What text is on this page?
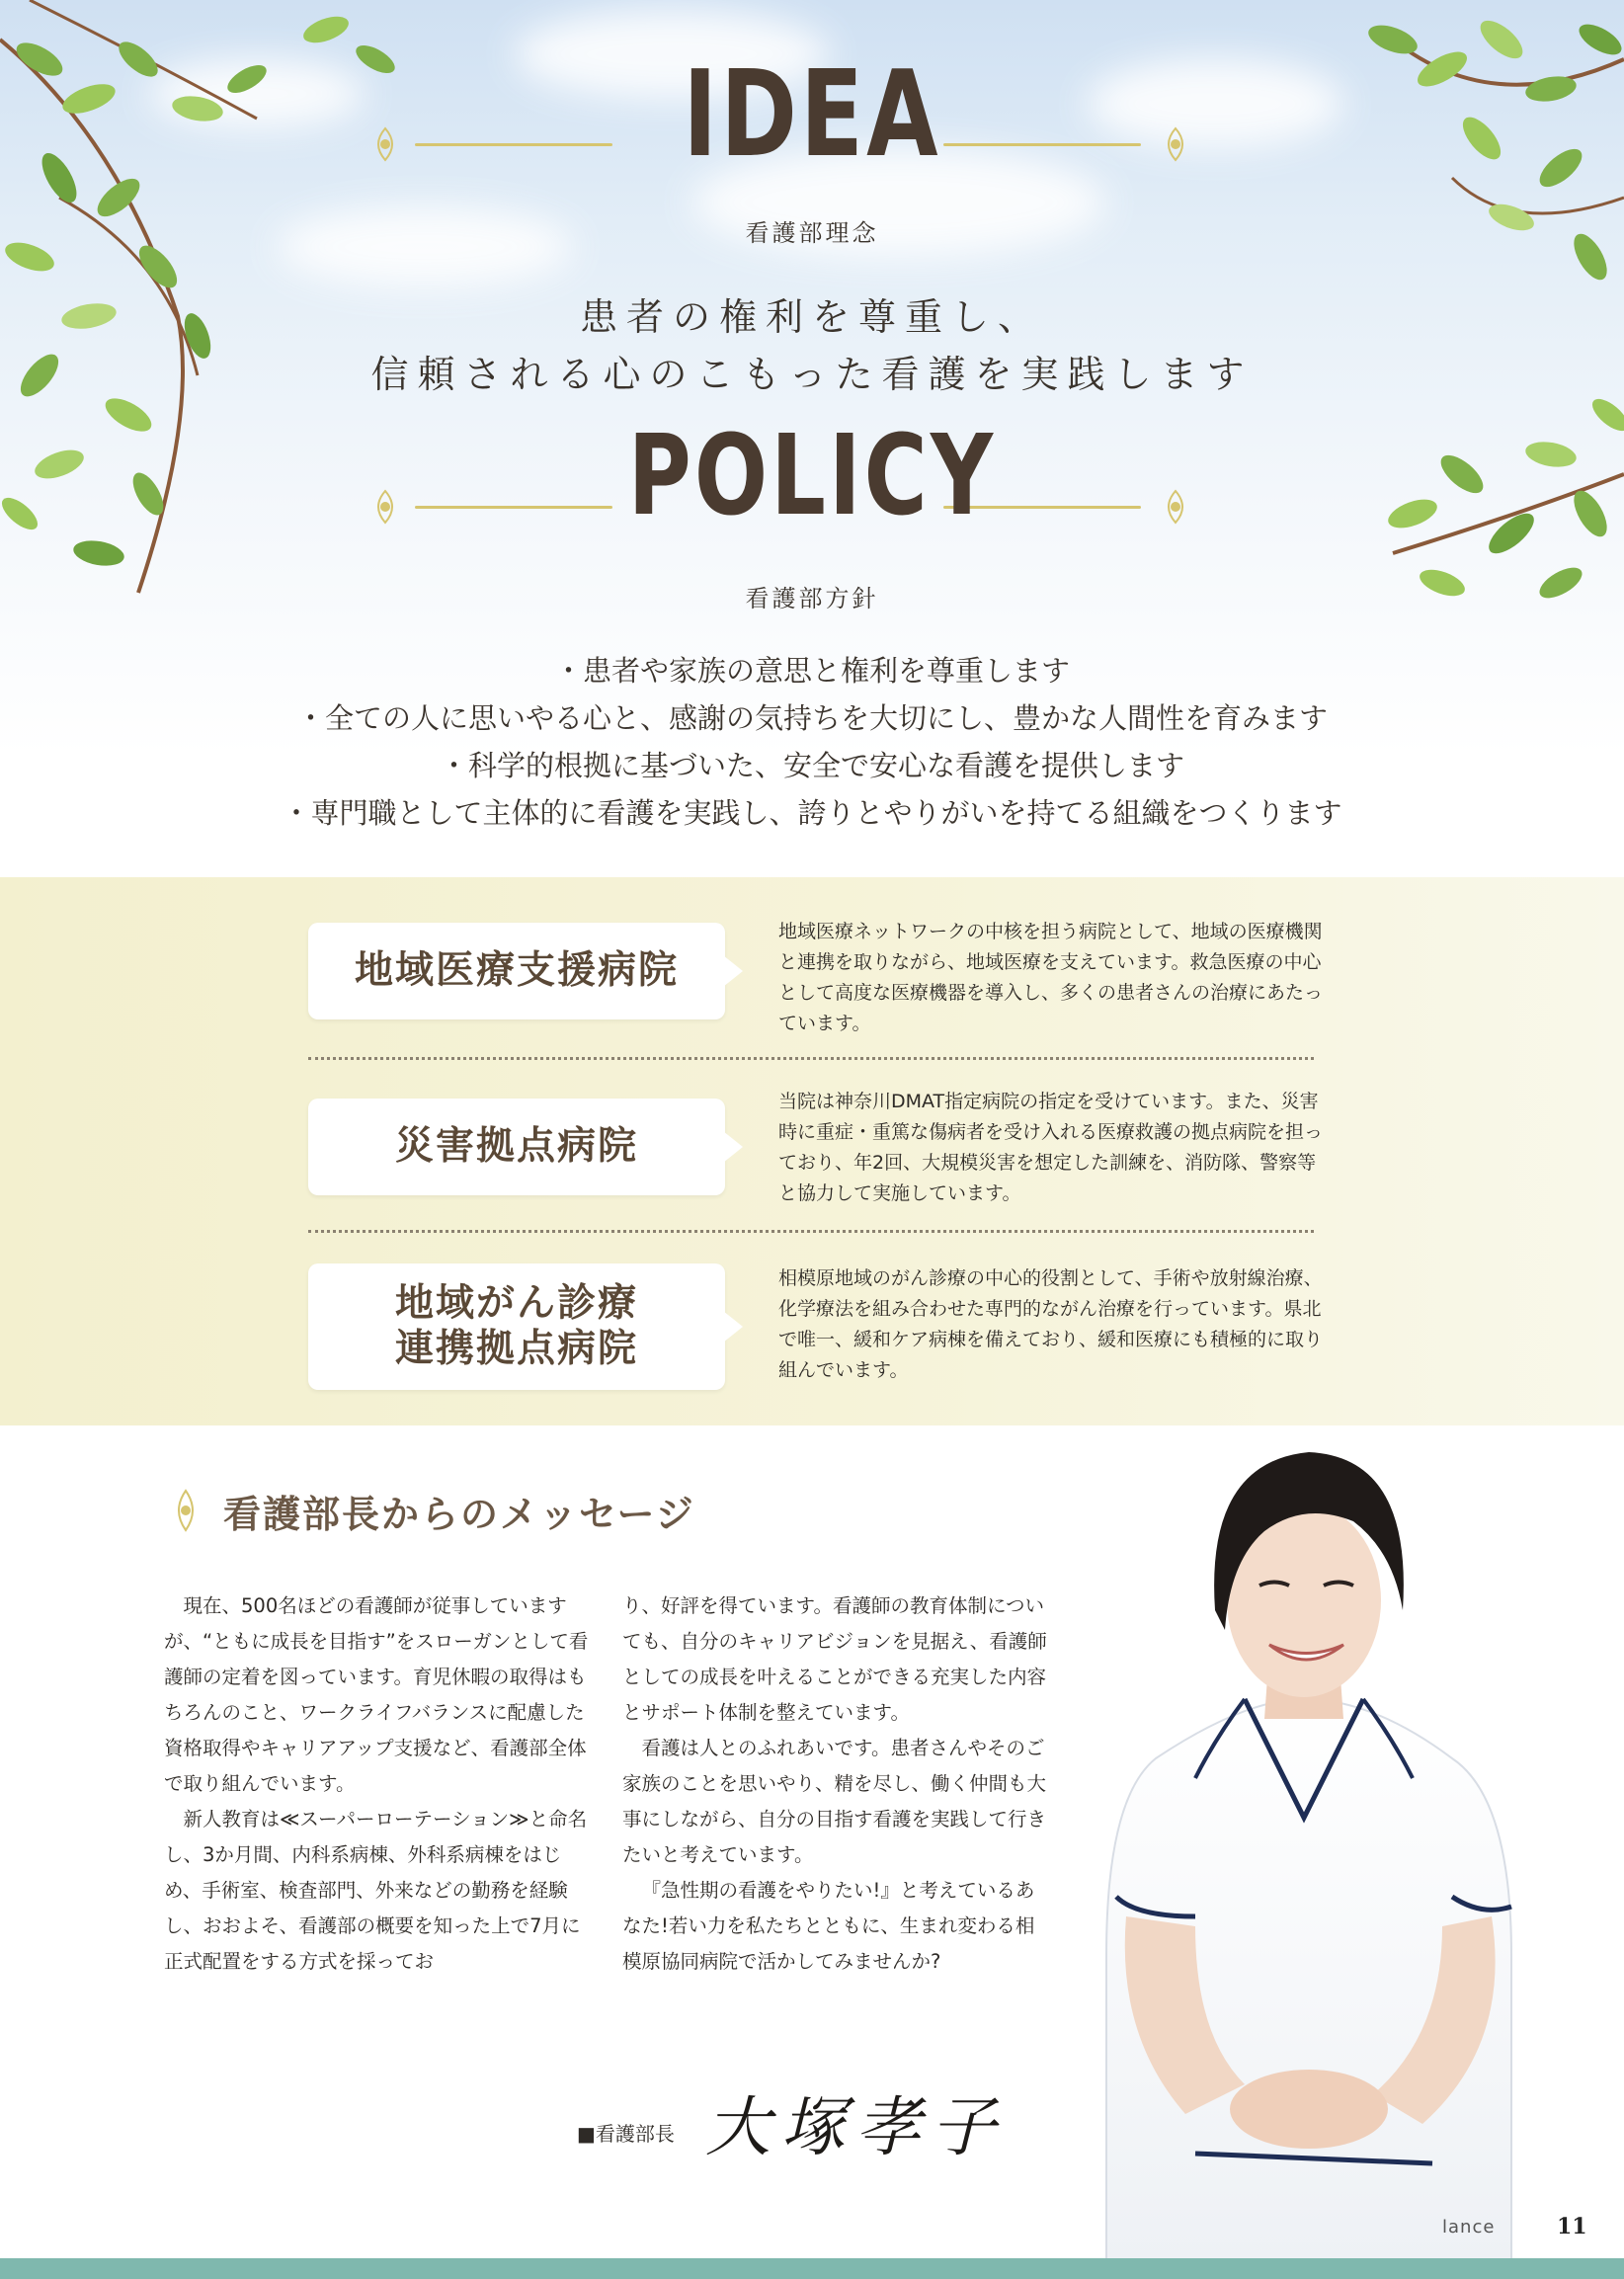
IDEA
看護部理念
患者の権利を尊重し、
信頼される心のこもった看護を実践します
POLICY
看護部方針
・患者や家族の意思と権利を尊重します
・全ての人に思いやる心と、感謝の気持ちを大切にし、豊かな人間性を育みます
・科学的根拠に基づいた、安全で安心な看護を提供します
・専門職として主体的に看護を実践し、誇りとやりがいを持てる組織をつくります
地域医療支援病院

地域医療ネットワークの中核を担う病院として、地域の医療機関と連携を取りながら、地域医療を支えています。救急医療の中心として高度な医療機器を導入し、多くの患者さんの治療にあたっています。

災害拠点病院

当院は神奈川DMAT指定病院の指定を受けています。また、災害時に重症・重篤な傷病者を受け入れる医療救護の拠点病院を担っており、年2回、大規模災害を想定した訓練を、消防隊、警察等と協力して実施しています。

地域がん診療
連携拠点病院

相模原地域のがん診療の中心的役割として、手術や放射線治療、化学療法を組み合わせた専門的ながん治療を行っています。県北で唯一、緩和ケア病棟を備えており、緩和医療にも積極的に取り組んでいます。

看護部長からのメッセージ

現在、500名ほどの看護師が従事していますが、“ともに成長を目指す”をスローガンとして看護師の定着を図っています。育児休暇の取得はもちろんのこと、ワークライフバランスに配慮した資格取得やキャリアアップ支援など、看護部全体で取り組んでいます。

新人教育は≪スーパーローテーション≫と命名し、3か月間、内科系病棟、外科系病棟をはじめ、手術室、検査部門、外来などの勤務を経験し、おおよそ、看護部の概要を知った上で7月に正式配置をする方式を採ってお

り、好評を得ています。看護師の教育体制についても、自分のキャリアビジョンを見据え、看護師としての成長を叶えることができる充実した内容とサポート体制を整えています。

看護は人とのふれあいです。患者さんやそのご家族のことを思いやり、精を尽し、働く仲間も大事にしながら、自分の目指す看護を実践して行きたいと考えています。

『急性期の看護をやりたい!』と考えているあなた!若い力を私たちとともに、生まれ変わる相模原協同病院で活かしてみませんか?

■看護部長 大塚孝子
lance	11
